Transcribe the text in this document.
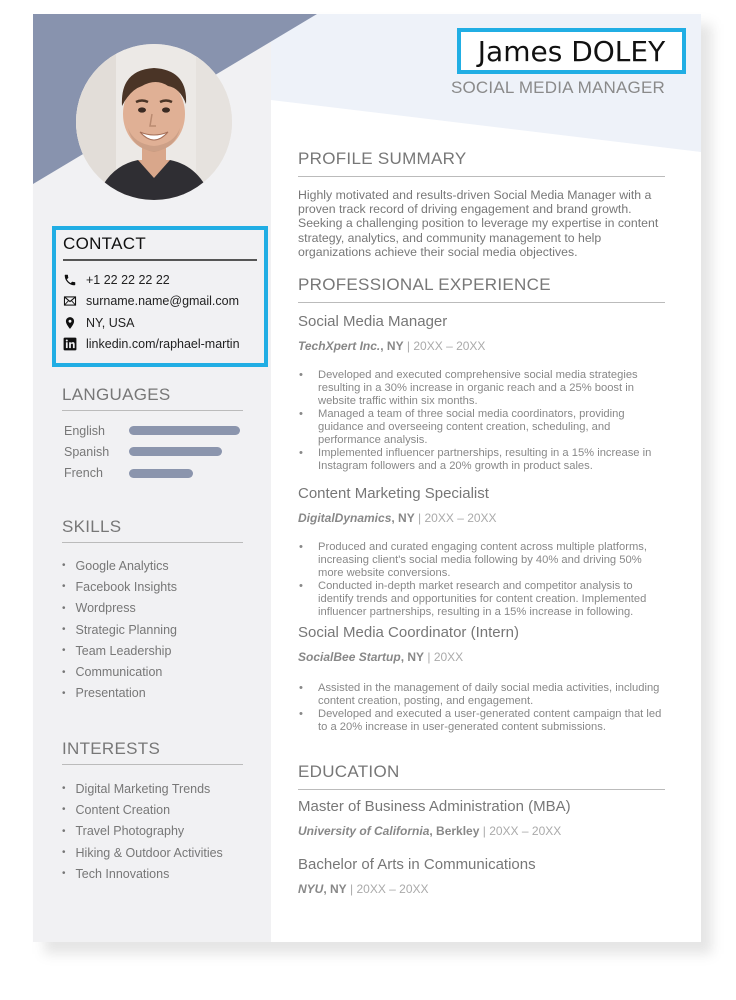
James DOLEY
SOCIAL MEDIA MANAGER
CONTACT
+1 22 22 22 22
surname.name@gmail.com
NY, USA
linkedin.com/raphael-martin
LANGUAGES
English
Spanish
French
SKILLS
• Google Analytics
• Facebook Insights
• Wordpress
• Strategic Planning
• Team Leadership
• Communication
• Presentation
INTERESTS
• Digital Marketing Trends
• Content Creation
• Travel Photography
• Hiking & Outdoor Activities
• Tech Innovations
PROFILE SUMMARY
Highly motivated and results-driven Social Media Manager with a proven track record of driving engagement and brand growth. Seeking a challenging position to leverage my expertise in content strategy, analytics, and community management to help organizations achieve their social media objectives.
PROFESSIONAL EXPERIENCE
Social Media Manager
TechXpert Inc., NY | 20XX – 20XX
• Developed and executed comprehensive social media strategies resulting in a 30% increase in organic reach and a 25% boost in website traffic within six months.
• Managed a team of three social media coordinators, providing guidance and overseeing content creation, scheduling, and performance analysis.
• Implemented influencer partnerships, resulting in a 15% increase in Instagram followers and a 20% growth in product sales.
Content Marketing Specialist
DigitalDynamics, NY | 20XX – 20XX
• Produced and curated engaging content across multiple platforms, increasing client's social media following by 40% and driving 50% more website conversions.
• Conducted in-depth market research and competitor analysis to identify trends and opportunities for content creation. Implemented influencer partnerships, resulting in a 15% increase in following.
Social Media Coordinator (Intern)
SocialBee Startup, NY | 20XX
• Assisted in the management of daily social media activities, including content creation, posting, and engagement.
• Developed and executed a user-generated content campaign that led to a 20% increase in user-generated content submissions.
EDUCATION
Master of Business Administration (MBA)
University of California, Berkley | 20XX – 20XX
Bachelor of Arts in Communications
NYU, NY | 20XX – 20XX
